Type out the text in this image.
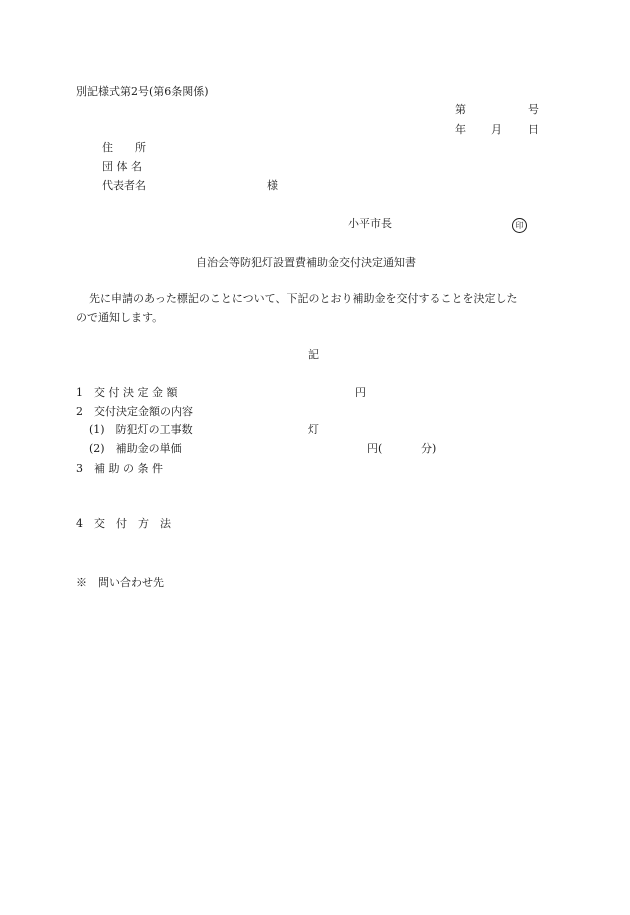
別記様式第2号(第6条関係)
第	号
年 月 日
住　　所
団 体 名
代表者名	様
小平市長	印
自治会等防犯灯設置費補助金交付決定通知書
先に申請のあった標記のことについて、下記のとおり補助金を交付することを決定した
ので通知します。
記
1　交 付 決 定 金 額	円
2　交付決定金額の内容
(1)　防犯灯の工事数	灯
(2)　補助金の単価	円(	分)
3　補 助 の 条 件
4　交　付　方　法
※　問い合わせ先
